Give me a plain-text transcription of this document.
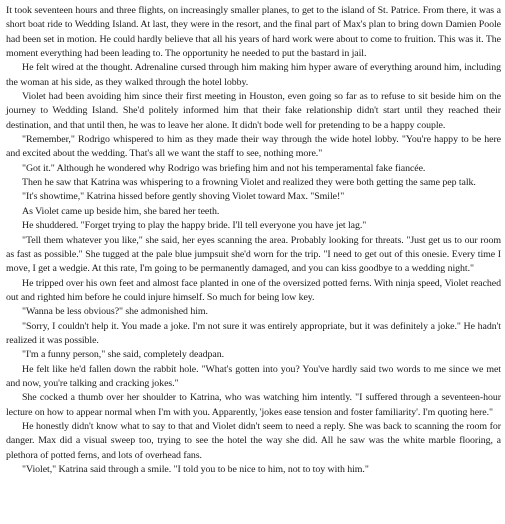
It took seventeen hours and three flights, on increasingly smaller planes, to get to the island of St. Patrice. From there, it was a short boat ride to Wedding Island. At last, they were in the resort, and the final part of Max's plan to bring down Damien Poole had been set in motion. He could hardly believe that all his years of hard work were about to come to fruition. This was it. The moment everything had been leading to. The opportunity he needed to put the bastard in jail.

He felt wired at the thought. Adrenaline cursed through him making him hyper aware of everything around him, including the woman at his side, as they walked through the hotel lobby.

Violet had been avoiding him since their first meeting in Houston, even going so far as to refuse to sit beside him on the journey to Wedding Island. She'd politely informed him that their fake relationship didn't start until they reached their destination, and that until then, he was to leave her alone. It didn't bode well for pretending to be a happy couple.

"Remember," Rodrigo whispered to him as they made their way through the wide hotel lobby. "You're happy to be here and excited about the wedding. That's all we want the staff to see, nothing more."

"Got it." Although he wondered why Rodrigo was briefing him and not his temperamental fake fiancée.

Then he saw that Katrina was whispering to a frowning Violet and realized they were both getting the same pep talk.

"It's showtime," Katrina hissed before gently shoving Violet toward Max. "Smile!"

As Violet came up beside him, she bared her teeth.

He shuddered. "Forget trying to play the happy bride. I'll tell everyone you have jet lag."

"Tell them whatever you like," she said, her eyes scanning the area. Probably looking for threats. "Just get us to our room as fast as possible." She tugged at the pale blue jumpsuit she'd worn for the trip. "I need to get out of this onesie. Every time I move, I get a wedgie. At this rate, I'm going to be permanently damaged, and you can kiss goodbye to a wedding night."

He tripped over his own feet and almost face planted in one of the oversized potted ferns. With ninja speed, Violet reached out and righted him before he could injure himself. So much for being low key.

"Wanna be less obvious?" she admonished him.

"Sorry, I couldn't help it. You made a joke. I'm not sure it was entirely appropriate, but it was definitely a joke." He hadn't realized it was possible.

"I'm a funny person," she said, completely deadpan.

He felt like he'd fallen down the rabbit hole. "What's gotten into you? You've hardly said two words to me since we met and now, you're talking and cracking jokes."

She cocked a thumb over her shoulder to Katrina, who was watching him intently. "I suffered through a seventeen-hour lecture on how to appear normal when I'm with you. Apparently, 'jokes ease tension and foster familiarity'. I'm quoting here."

He honestly didn't know what to say to that and Violet didn't seem to need a reply. She was back to scanning the room for danger. Max did a visual sweep too, trying to see the hotel the way she did. All he saw was the white marble flooring, a plethora of potted ferns, and lots of overhead fans.

"Violet," Katrina said through a smile. "I told you to be nice to him, not to toy with him."
